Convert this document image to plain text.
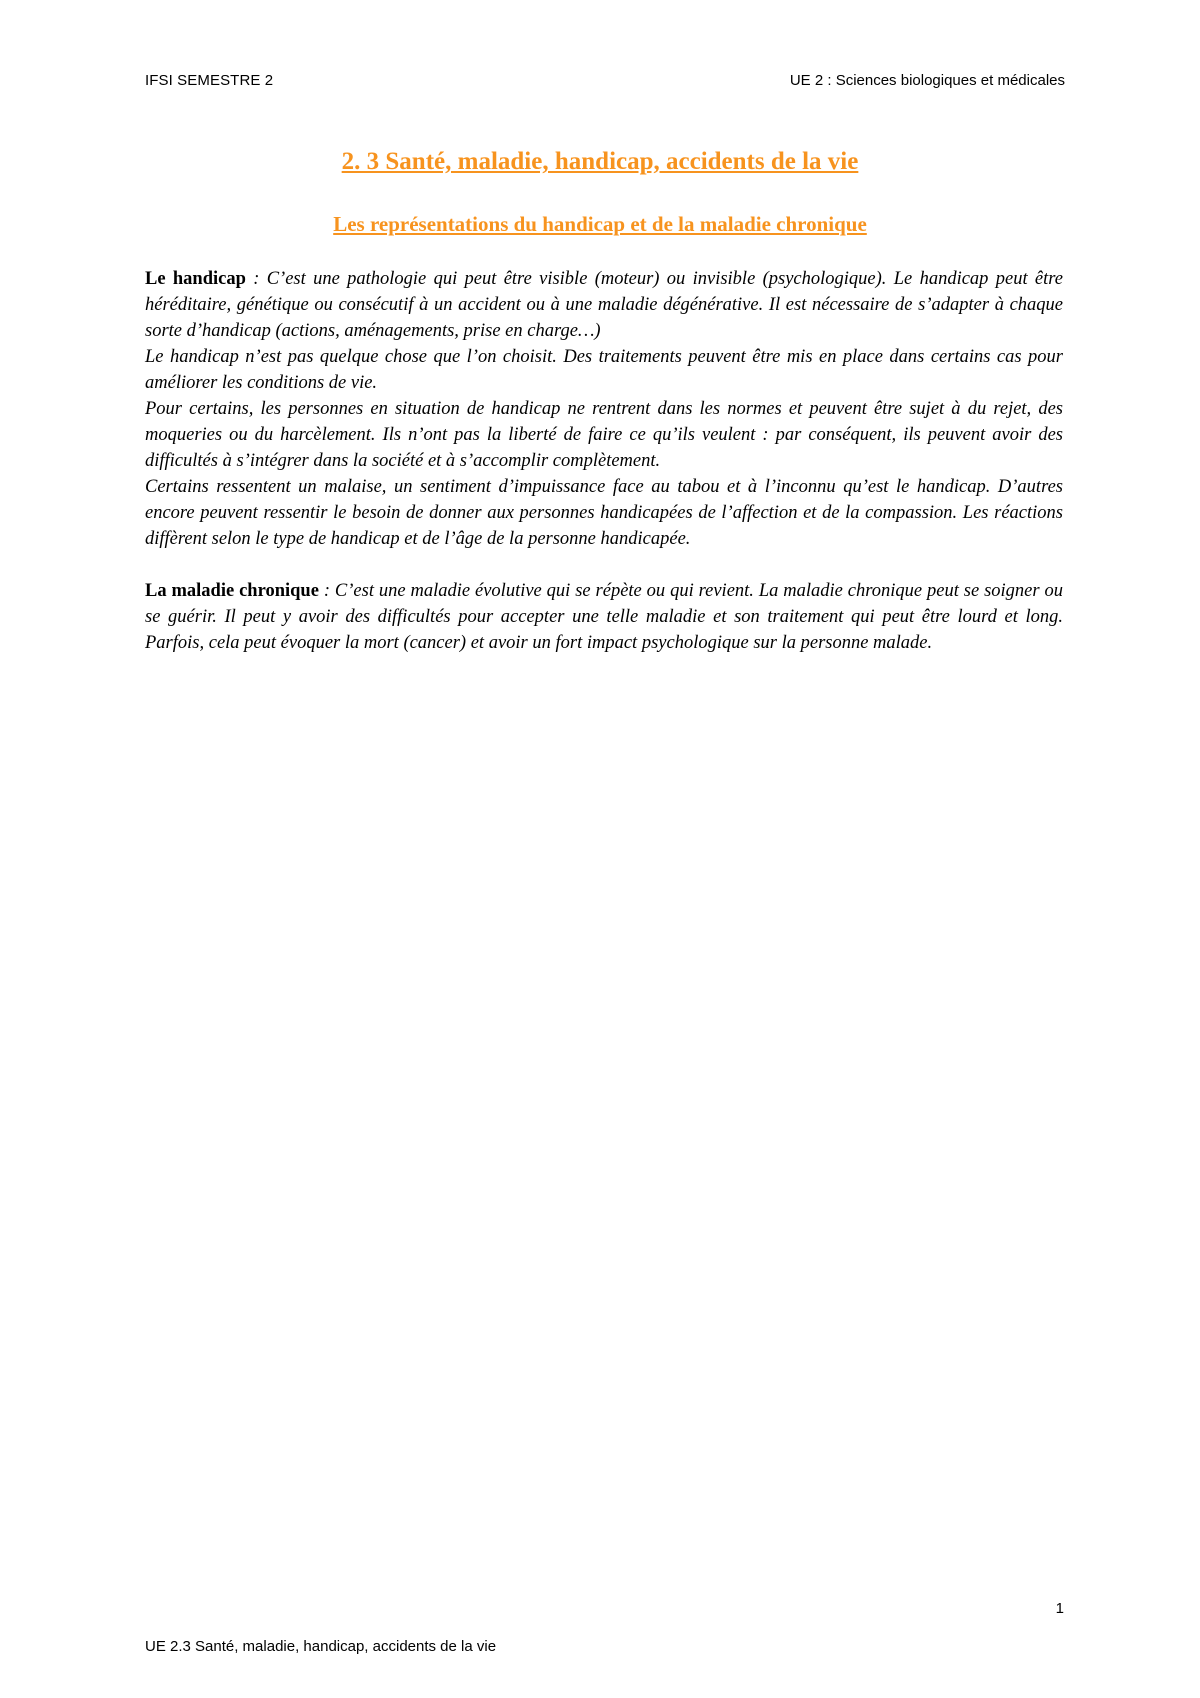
IFSI SEMESTRE 2	UE 2 : Sciences biologiques et médicales
2. 3 Santé, maladie, handicap, accidents de la vie
Les représentations du handicap et de la maladie chronique

Le handicap : C’est une pathologie qui peut être visible (moteur) ou invisible (psychologique). Le handicap peut être héréditaire, génétique ou consécutif à un accident ou à une maladie dégénérative. Il est nécessaire de s’adapter à chaque sorte d’handicap (actions, aménagements, prise en charge…)

Le handicap n’est pas quelque chose que l’on choisit. Des traitements peuvent être mis en place dans certains cas pour améliorer les conditions de vie.

Pour certains, les personnes en situation de handicap ne rentrent dans les normes et peuvent être sujet à du rejet, des moqueries ou du harcèlement. Ils n’ont pas la liberté de faire ce qu’ils veulent : par conséquent, ils peuvent avoir des difficultés à s’intégrer dans la société et à s’accomplir complètement.

Certains ressentent un malaise, un sentiment d’impuissance face au tabou et à l’inconnu qu’est le handicap. D’autres encore peuvent ressentir le besoin de donner aux personnes handicapées de l’affection et de la compassion. Les réactions diffèrent selon le type de handicap et de l’âge de la personne handicapée.

La maladie chronique : C’est une maladie évolutive qui se répète ou qui revient. La maladie chronique peut se soigner ou se guérir. Il peut y avoir des difficultés pour accepter une telle maladie et son traitement qui peut être lourd et long. Parfois, cela peut évoquer la mort (cancer) et avoir un fort impact psychologique sur la personne malade.

1
UE 2.3 Santé, maladie, handicap, accidents de la vie
